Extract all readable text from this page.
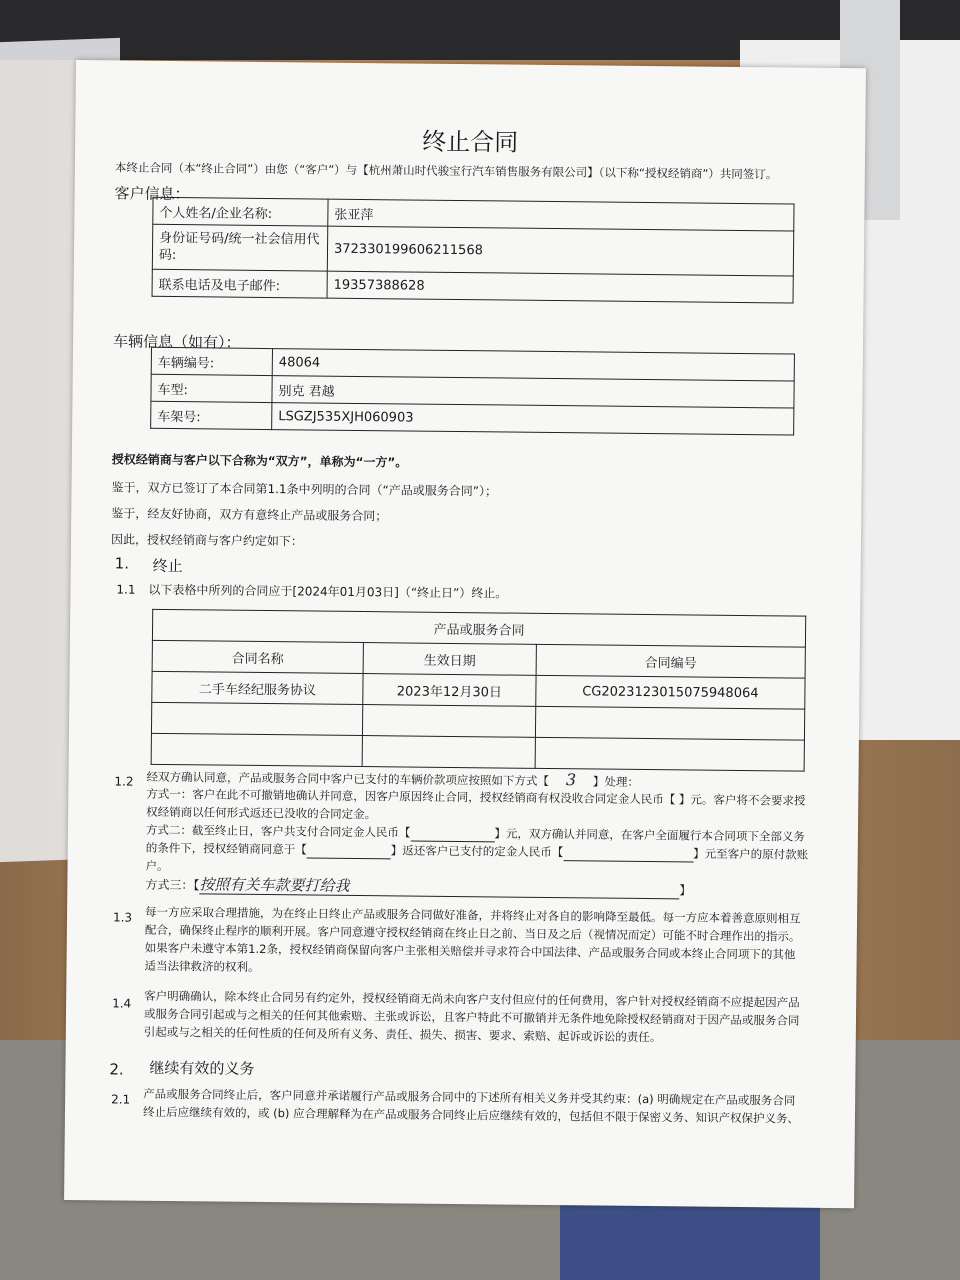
终止合同
本终止合同（本“终止合同”）由您（“客户”）与【杭州萧山时代骏宝行汽车销售服务有限公司】（以下称“授权经销商”）共同签订。
客户信息：
个人姓名/企业名称:	张亚萍
身份证号码/统一社会信用代码:	372330199606211568
联系电话及电子邮件:	19357388628
车辆信息（如有）：
车辆编号:	48064
车型:	别克 君越
车架号:	LSGZJ535XJH060903
授权经销商与客户以下合称为“双方”，单称为“一方”。
鉴于，双方已签订了本合同第1.1条中列明的合同（“产品或服务合同”）；
鉴于，经友好协商，双方有意终止产品或服务合同；
因此，授权经销商与客户约定如下：
1. 终止
1.1 以下表格中所列的合同应于[2024年01月03日]（“终止日”）终止。
产品或服务合同		
合同名称	生效日期	合同编号
二手车经纪服务协议	2023年12月30日	CG2023123015075948064

1.2 经双方确认同意，产品或服务合同中客户已支付的车辆价款项应按照如下方式【 3 】处理：
方式一：客户在此不可撤销地确认并同意，因客户原因终止合同，授权经销商有权没收合同定金人民币【 】元。客户将不会要求授
权经销商以任何形式返还已没收的合同定金。
方式二：截至终止日，客户共支付合同定金人民币【	】元，双方确认并同意，在客户全面履行本合同项下全部义务
的条件下，授权经销商同意于【	】返还客户已支付的定金人民币【	】元至客户的原付款账
户。
方式三：【按照有关车款要打给我	】
1.3 每一方应采取合理措施，为在终止日终止产品或服务合同做好准备，并将终止对各自的影响降至最低。每一方应本着善意原则相互
配合，确保终止程序的顺利开展。客户同意遵守授权经销商在终止日之前、当日及之后（视情况而定）可能不时合理作出的指示。
如果客户未遵守本第1.2条，授权经销商保留向客户主张相关赔偿并寻求符合中国法律、产品或服务合同或本终止合同项下的其他
适当法律救济的权利。
1.4 客户明确确认，除本终止合同另有约定外，授权经销商无尚未向客户支付但应付的任何费用，客户针对授权经销商不应提起因产品
或服务合同引起或与之相关的任何其他索赔、主张或诉讼，且客户特此不可撤销并无条件地免除授权经销商对于因产品或服务合同
引起或与之相关的任何性质的任何及所有义务、责任、损失、损害、要求、索赔、起诉或诉讼的责任。
2. 继续有效的义务
2.1 产品或服务合同终止后，客户同意并承诺履行产品或服务合同中的下述所有相关义务并受其约束：(a) 明确规定在产品或服务合同
终止后应继续有效的，或 (b) 应合理解释为在产品或服务合同终止后应继续有效的，包括但不限于保密义务、知识产权保护义务、
